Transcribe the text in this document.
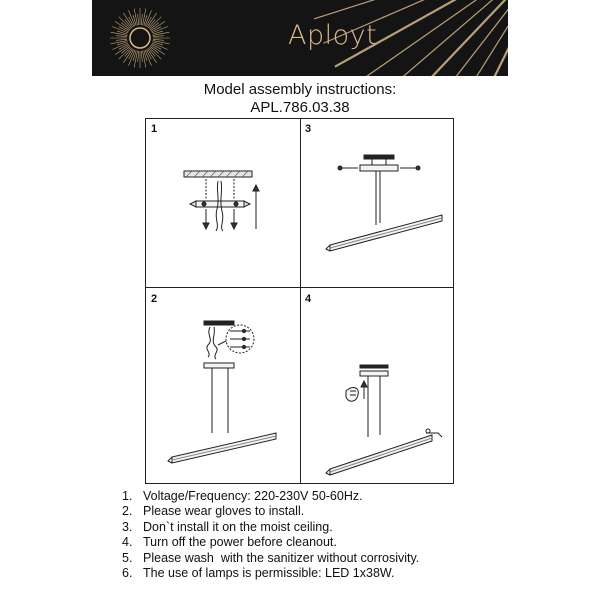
Aployt
Model assembly instructions:
APL.786.03.38
1	3
2	4
1. Voltage/Frequency: 220-230V 50-60Hz.
2. Please wear gloves to install.
3. Don`t install it on the moist ceiling.
4. Turn off the power before cleanout.
5. Please wash  with the sanitizer without corrosivity.
6. The use of lamps is permissible: LED 1x38W.
